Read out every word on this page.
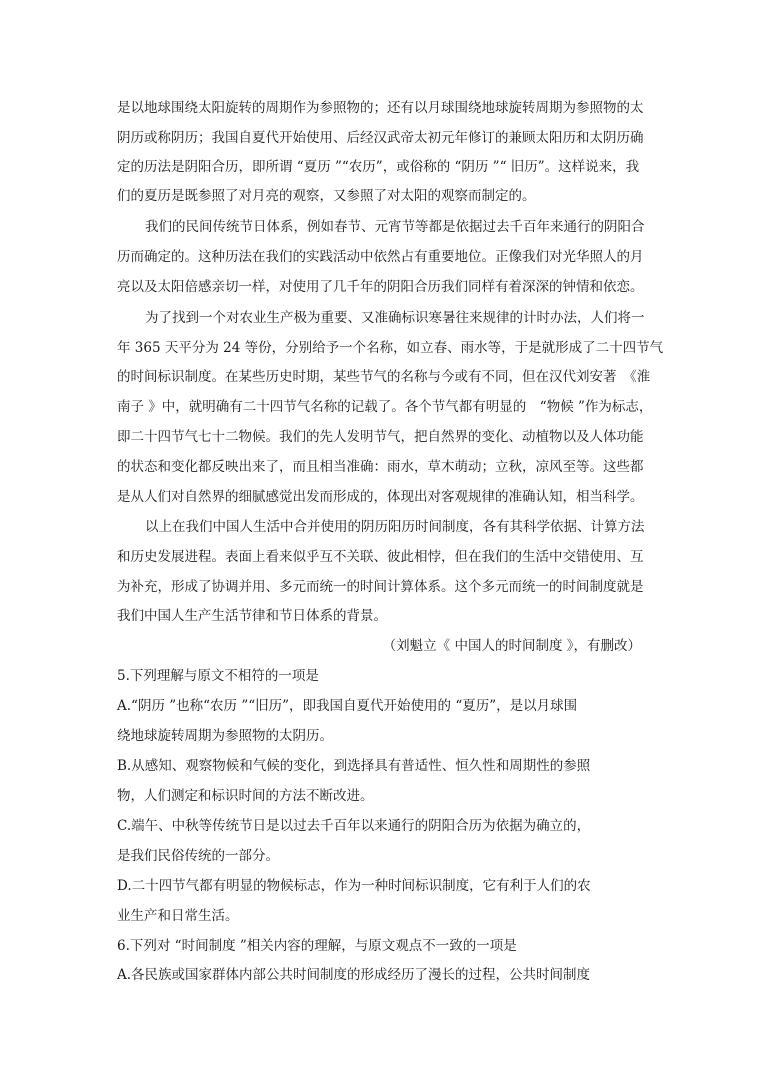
是以地球围绕太阳旋转的周期作为参照物的；还有以月球围绕地球旋转周期为参照物的太
阴历或称阴历；我国自夏代开始使用、后经汉武帝太初元年修订的兼顾太阳历和太阴历确
定的历法是阴阳合历，即所谓 “夏历 ”“农历”，或俗称的 “阴历 ”“ 旧历”。这样说来，我
们的夏历是既参照了对月亮的观察，又参照了对太阳的观察而制定的。
我们的民间传统节日体系，例如春节、元宵节等都是依据过去千百年来通行的阴阳合
历而确定的。这种历法在我们的实践活动中依然占有重要地位。正像我们对光华照人的月
亮以及太阳倍感亲切一样，对使用了几千年的阴阳合历我们同样有着深深的钟情和依恋。
为了找到一个对农业生产极为重要、又准确标识寒暑往来规律的计时办法，人们将一
年 365 天平分为 24 等份，分别给予一个名称，如立春、雨水等，于是就形成了二十四节气
的时间标识制度。在某些历史时期，某些节气的名称与今或有不同，但在汉代刘安著　《淮
南子 》中，就明确有二十四节气名称的记载了。各个节气都有明显的　“物候 ”作为标志，
即二十四节气七十二物候。我们的先人发明节气，把自然界的变化、动植物以及人体功能
的状态和变化都反映出来了，而且相当准确：雨水，草木萌动；立秋，凉风至等。这些都
是从人们对自然界的细腻感觉出发而形成的，体现出对客观规律的准确认知，相当科学。
以上在我们中国人生活中合并使用的阴历阳历时间制度，各有其科学依据、计算方法
和历史发展进程。表面上看来似乎互不关联、彼此相悖，但在我们的生活中交错使用、互
为补充，形成了协调并用、多元而统一的时间计算体系。这个多元而统一的时间制度就是
我们中国人生产生活节律和节日体系的背景。
（刘魁立《 中国人的时间制度 》，有删改）
5.下列理解与原文不相符的一项是
A.“阴历 ”也称“农历 ”“旧历”，即我国自夏代开始使用的 “夏历”，是以月球围
绕地球旋转周期为参照物的太阴历。
B.从感知、观察物候和气候的变化，到选择具有普适性、恒久性和周期性的参照
物，人们测定和标识时间的方法不断改进。
C.端午、中秋等传统节日是以过去千百年以来通行的阴阳合历为依据为确立的，
是我们民俗传统的一部分。
D.二十四节气都有明显的物候标志，作为一种时间标识制度，它有利于人们的农
业生产和日常生活。
6.下列对 “时间制度 ”相关内容的理解，与原文观点不一致的一项是
A.各民族或国家群体内部公共时间制度的形成经历了漫长的过程，公共时间制度
